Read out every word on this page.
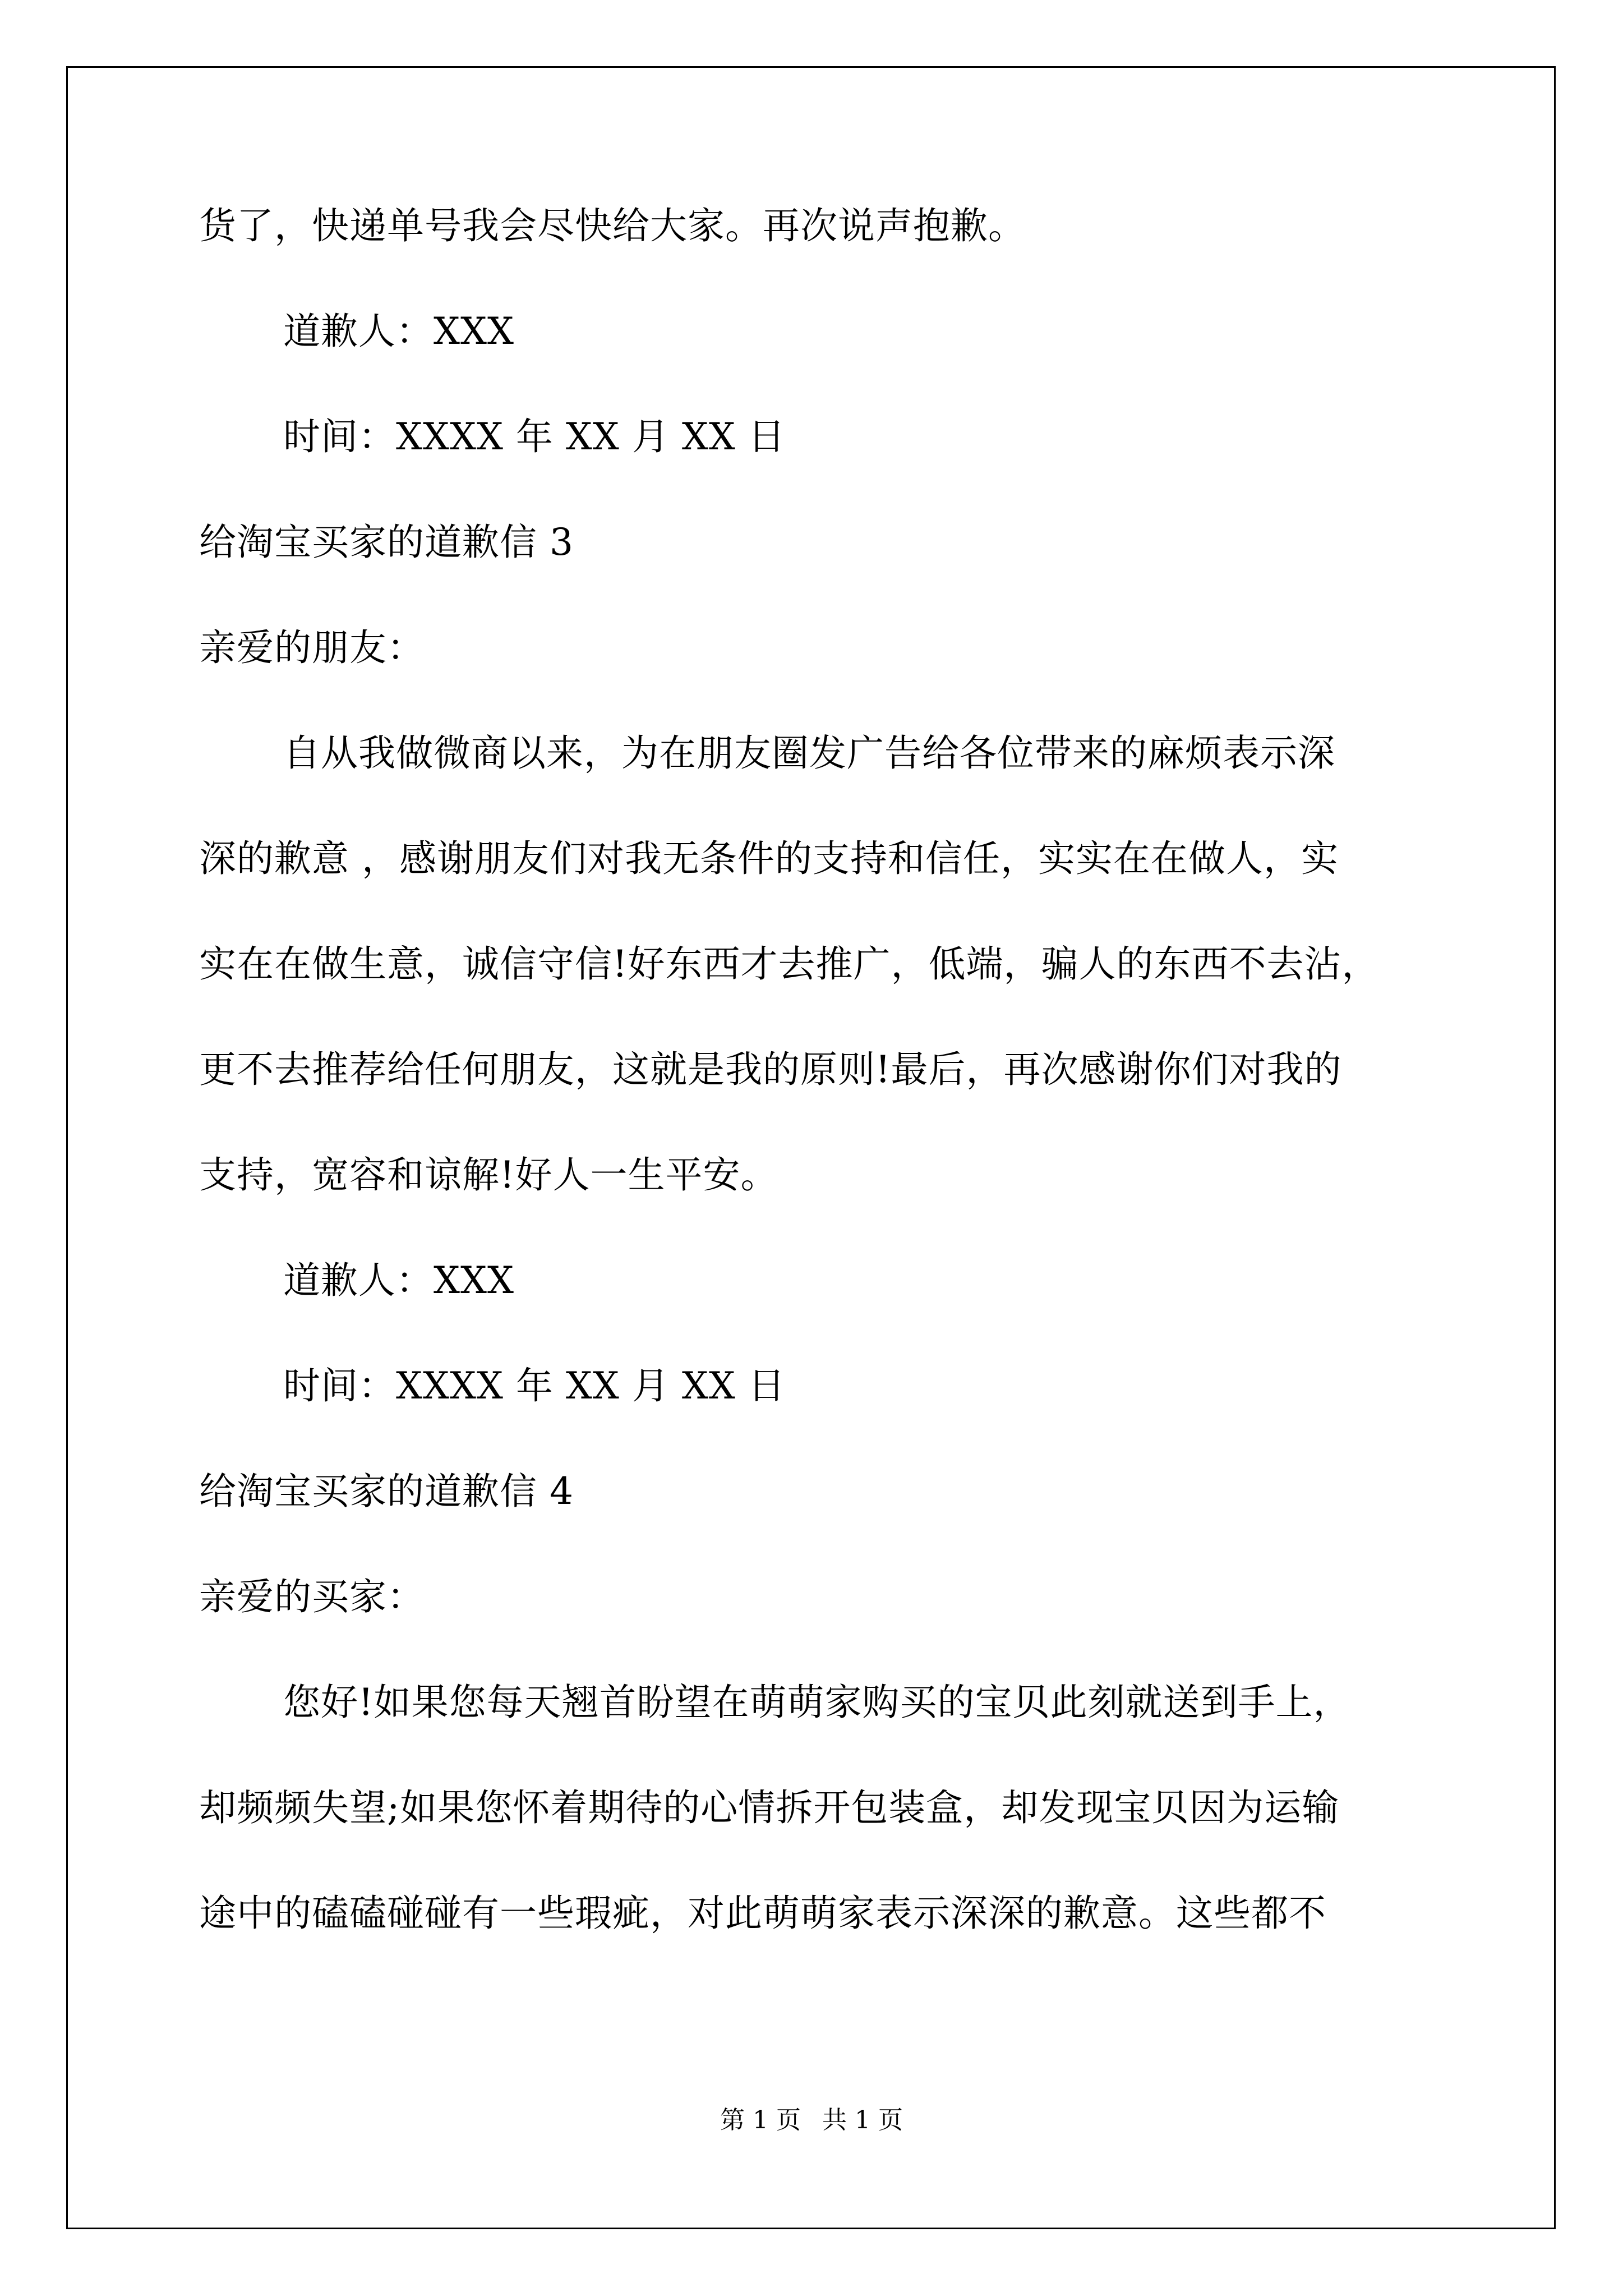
货了，快递单号我会尽快给大家。再次说声抱歉。
道歉人：XXX
时间：XXXX 年 XX 月 XX 日
给淘宝买家的道歉信 3
亲爱的朋友：
自从我做微商以来，为在朋友圈发广告给各位带来的麻烦表示深
深的歉意 ，感谢朋友们对我无条件的支持和信任，实实在在做人，实
实在在做生意，诚信守信!好东西才去推广，低端，骗人的东西不去沾，
更不去推荐给任何朋友，这就是我的原则!最后，再次感谢你们对我的
支持，宽容和谅解!好人一生平安。
道歉人：XXX
时间：XXXX 年 XX 月 XX 日
给淘宝买家的道歉信 4
亲爱的买家：
您好!如果您每天翘首盼望在萌萌家购买的宝贝此刻就送到手上，
却频频失望;如果您怀着期待的心情拆开包装盒，却发现宝贝因为运输
途中的磕磕碰碰有一些瑕疵，对此萌萌家表示深深的歉意。这些都不
第 1 页 共 1 页
